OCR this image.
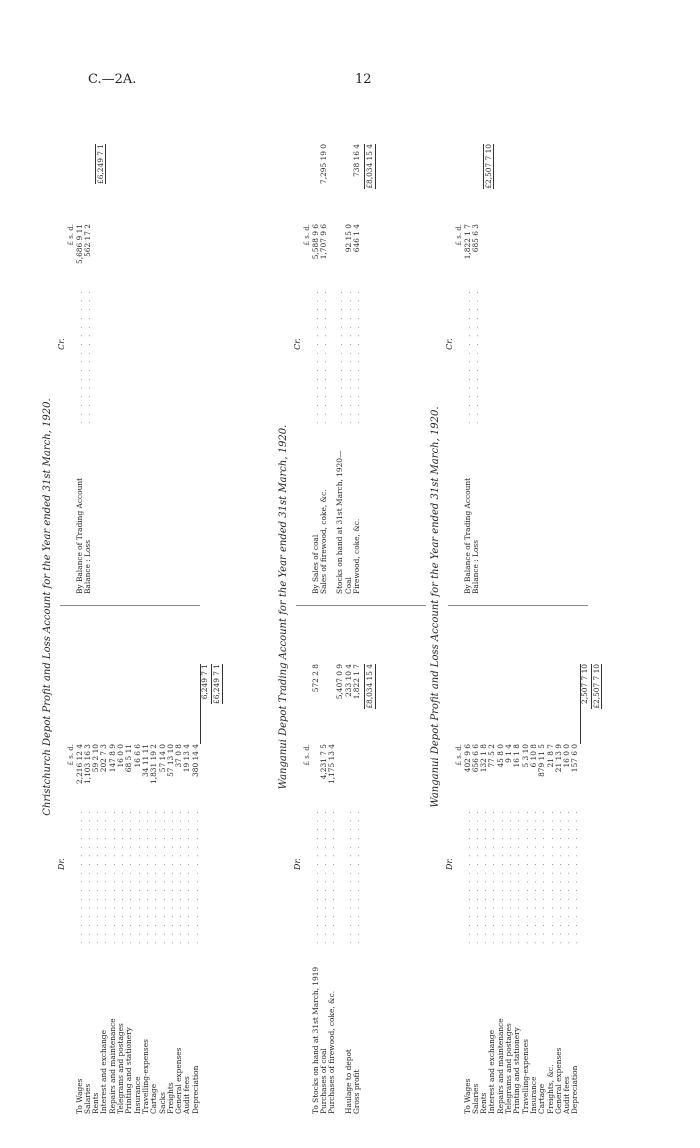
C.—2A.	12
Christchurch Depot Profit and Loss Account for the Year ended 31st March, 1920.
Dr.
£ s. d.
To Wages
. . . . . . . . . . . . . . . .
2,216 12 4
Salaries
. . . . . . . . . . . . . . . .
1,103 16 3
Rents
. . . . . . . . . . . . . . . .
59 2 10
Interest and exchange
. . . . . . . . . . . . . . . .
202 7 3
Repairs and maintenance
. . . . . . . . . . . . . . . .
147 8 9
Telegrams and postages
. . . . . . . . . . . . . . . .
16 0 0
Printing and stationery
. . . . . . . . . . . . . . . .
68 5 11
Insurance
. . . . . . . . . . . . . . . .
16 6 6
Travelling-expenses
. . . . . . . . . . . . . . . .
34 11 11
Cartage
. . . . . . . . . . . . . . . .
1,831 19 2
Sacks
. . . . . . . . . . . . . . . .
57 14 0
Freights
. . . . . . . . . . . . . . . .
57 13 10
General expenses
. . . . . . . . . . . . . . . .
37 0 8
Audit fees
. . . . . . . . . . . . . . . .
19 13 4
Depreciation
. . . . . . . . . . . . . . . .
380 14 4
6,249 7 1 £6,249 7 1
Cr.
£ s. d.
By Balance of Trading Account
. . . . . . . . . . . . . . . .
5,686 9 11
Balance : Loss
. . . . . . . . . . . . . . . .
562 17 2
£6,249 7 1
Wanganui Depot Trading Account for the Year ended 31st March, 1920.
Dr.
£ s. d.
To Stocks on hand at 31st March, 1919
. . . . . . . . . . . . . . . .
572 2 8
Purchases of coal
. . . . . . . . . . . . . . . .
4,231 7 5
Purchases of firewood, coke, &c.
. . . . . . . . . . . . . . . .
1,175 13 4
5,407 0 9
Haulage to depot
. . . . . . . . . . . . . . . .
233 10 4
Gross profit
. . . . . . . . . . . . . . . .
1,822 1 7 £8,034 15 4
Cr.
£ s. d.
By Sales of coal
. . . . . . . . . . . . . . . .
5,588 9 6
Sales of firewood, coke, &c.
. . . . . . . . . . . . . . . .
1,707 9 6
7,295 19 0
Stocks on hand at 31st March, 1920—
. . . . . . . . . . . . . . . .
Coal
. . . . . . . . . . . . . . . .
92 15 0
Firewood, coke, &c.
. . . . . . . . . . . . . . . .
646 1 4
738 16 4 £8,034 15 4
Wanganui Depot Profit and Loss Account for the Year ended 31st March, 1920.
Dr.
£ s. d.
To Wages
. . . . . . . . . . . . . . . .
402 9 6
Salaries
. . . . . . . . . . . . . . . .
656 6 6
Rents
. . . . . . . . . . . . . . . .
132 1 8
Interest and exchange
. . . . . . . . . . . . . . . .
77 5 2
Repairs and maintenance
. . . . . . . . . . . . . . . .
45 8 0
Telegrams and postages
. . . . . . . . . . . . . . . .
9 1 4
Printing and stationery
. . . . . . . . . . . . . . . .
16 1 8
Travelling-expenses
. . . . . . . . . . . . . . . .
5 3 10
Insurance
. . . . . . . . . . . . . . . .
6 10 8
Cartage
. . . . . . . . . . . . . . . .
879 11 5
Freights, &c.
. . . . . . . . . . . . . . . .
21 8 7
General expenses
. . . . . . . . . . . . . . . .
21 13 9
Audit fees
. . . . . . . . . . . . . . . .
16 0 0
Depreciation
. . . . . . . . . . . . . . . .
157 6 0
2,507 7 10 £2,507 7 10
Cr.
£ s. d.
By Balance of Trading Account
. . . . . . . . . . . . . . . .
1,822 1 7
Balance : Loss
. . . . . . . . . . . . . . . .
685 6 3
£2,507 7 10
